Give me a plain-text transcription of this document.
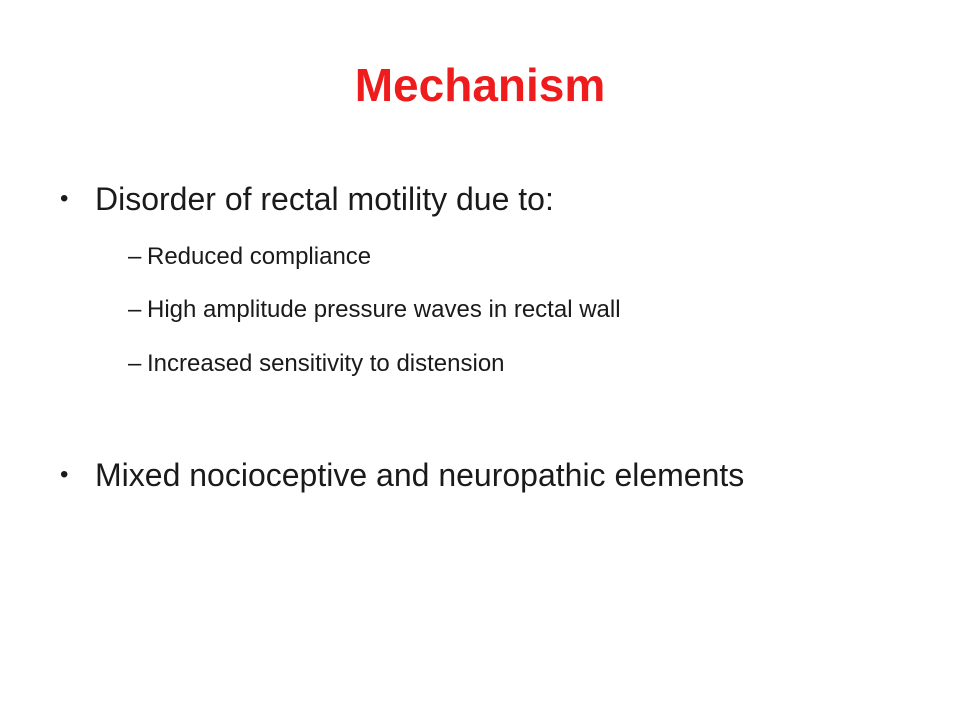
Mechanism
• Disorder of rectal motility due to:
– Reduced compliance
– High amplitude pressure waves in rectal wall
– Increased sensitivity to distension
• Mixed nocioceptive and neuropathic elements
